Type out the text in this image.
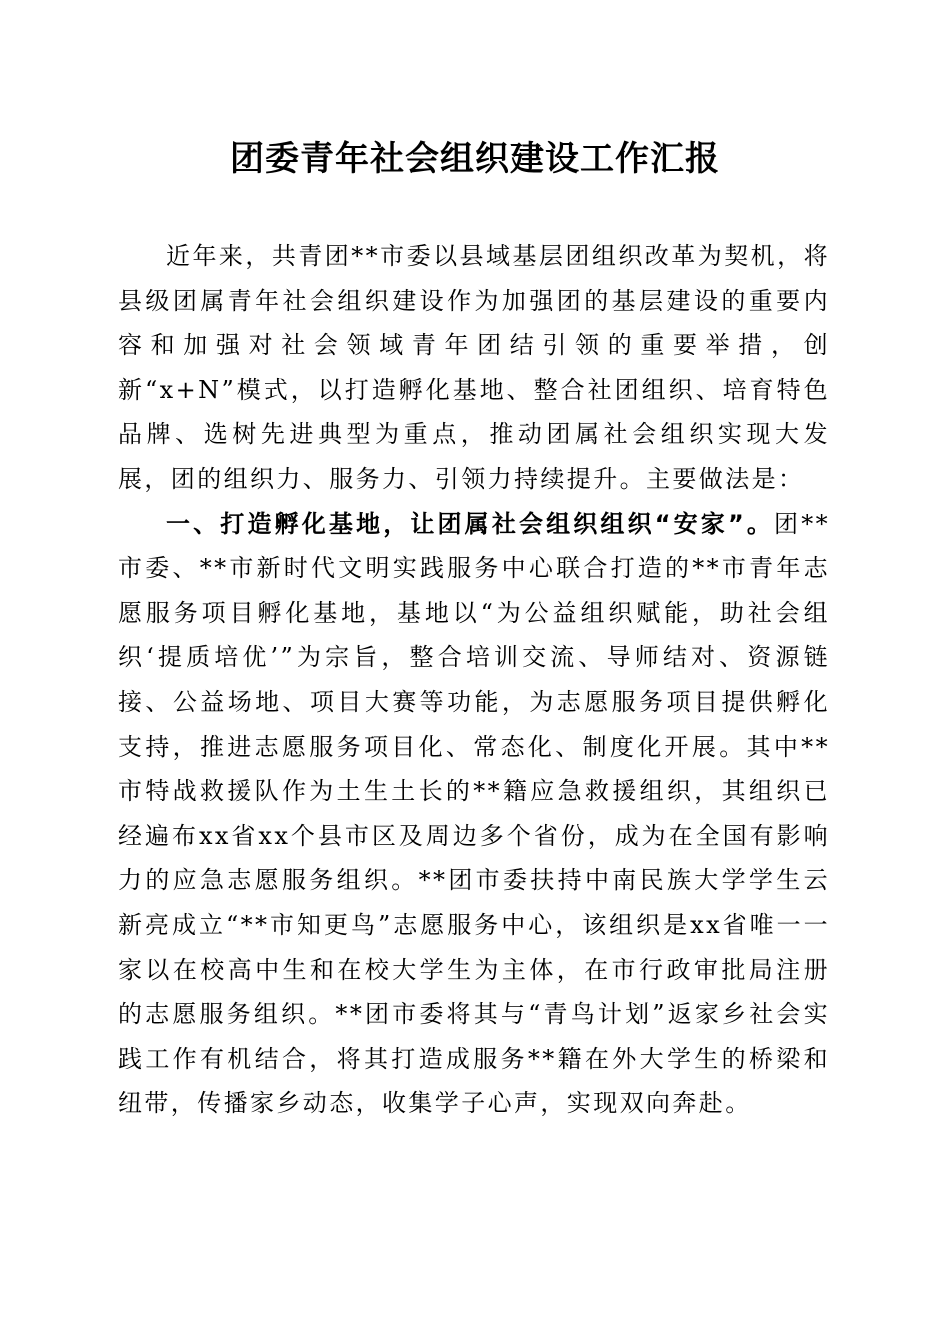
团委青年社会组织建设工作汇报

近年来，共青团**市委以县域基层团组织改革为契机，将县级团属青年社会组织建设作为加强团的基层建设的重要内容和加强对社会领域青年团结引领的重要举措，创新“x+N”模式，以打造孵化基地、整合社团组织、培育特色品牌、选树先进典型为重点，推动团属社会组织实现大发展，团的组织力、服务力、引领力持续提升。主要做法是：

一、打造孵化基地，让团属社会组织组织“安家”。团**市委、**市新时代文明实践服务中心联合打造的**市青年志愿服务项目孵化基地，基地以“为公益组织赋能，助社会组织‘提质培优’”为宗旨，整合培训交流、导师结对、资源链接、公益场地、项目大赛等功能，为志愿服务项目提供孵化支持，推进志愿服务项目化、常态化、制度化开展。其中**市特战救援队作为土生土长的**籍应急救援组织，其组织已经遍布xx省xx个县市区及周边多个省份，成为在全国有影响力的应急志愿服务组织。**团市委扶持中南民族大学学生云新亮成立“**市知更鸟”志愿服务中心，该组织是xx省唯一一家以在校高中生和在校大学生为主体，在市行政审批局注册的志愿服务组织。**团市委将其与“青鸟计划”返家乡社会实践工作有机结合，将其打造成服务**籍在外大学生的桥梁和纽带，传播家乡动态，收集学子心声，实现双向奔赴。
